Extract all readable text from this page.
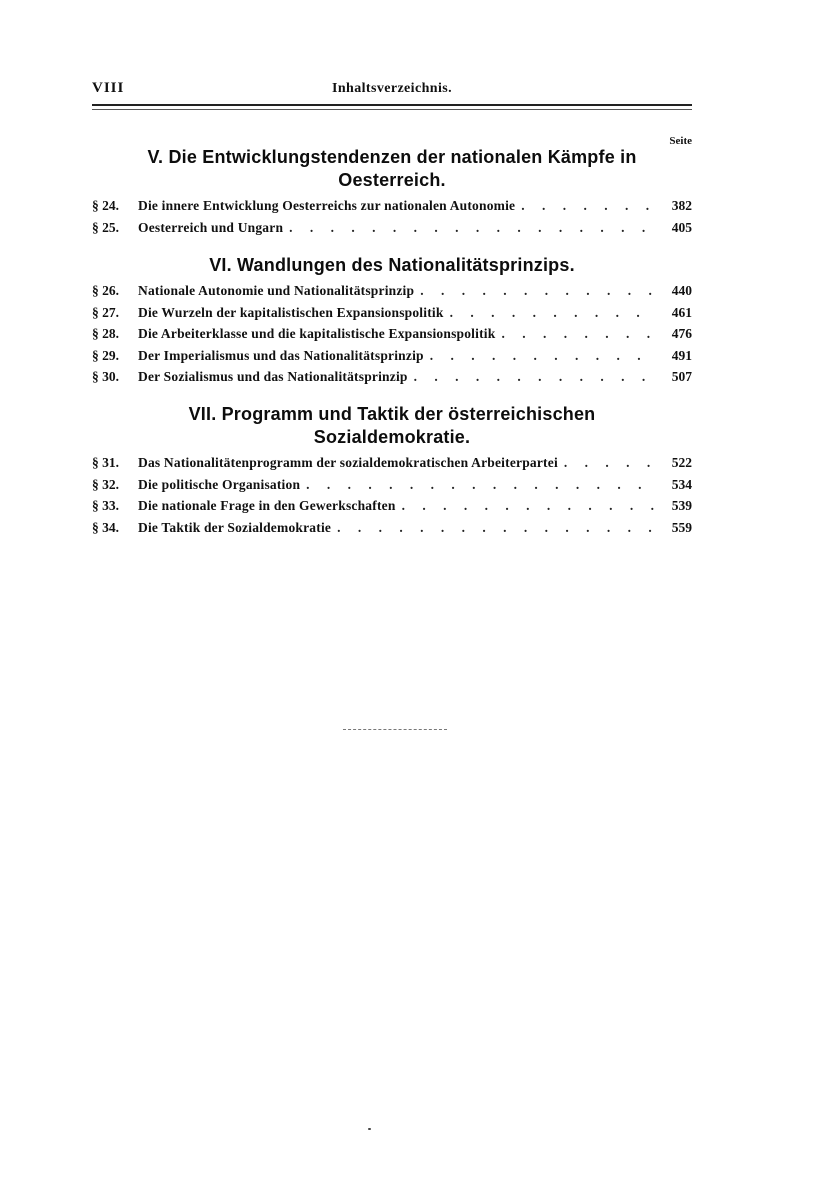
VIII	Inhaltsverzeichnis.
Seite
V. Die Entwicklungstendenzen der nationalen Kämpfe in
Oesterreich.
§ 24.	Die innere Entwicklung Oesterreichs zur nationalen Autonomie . . .	382
§ 25.	Oesterreich und Ungarn . . .	405
VI. Wandlungen des Nationalitätsprinzips.
§ 26.	Nationale Autonomie und Nationalitätsprinzip . . .	440
§ 27.	Die Wurzeln der kapitalistischen Expansionspolitik . . .	461
§ 28.	Die Arbeiterklasse und die kapitalistische Expansionspolitik . . .	476
§ 29.	Der Imperialismus und das Nationalitätsprinzip . . .	491
§ 30.	Der Sozialismus und das Nationalitätsprinzip . . .	507
VII. Programm und Taktik der österreichischen
Sozialdemokratie.
§ 31.	Das Nationalitätenprogramm der sozialdemokratischen Arbeiterpartei . . .	522
§ 32.	Die politische Organisation . . .	534
§ 33.	Die nationale Frage in den Gewerkschaften . . .	539
§ 34.	Die Taktik der Sozialdemokratie . . .	559
